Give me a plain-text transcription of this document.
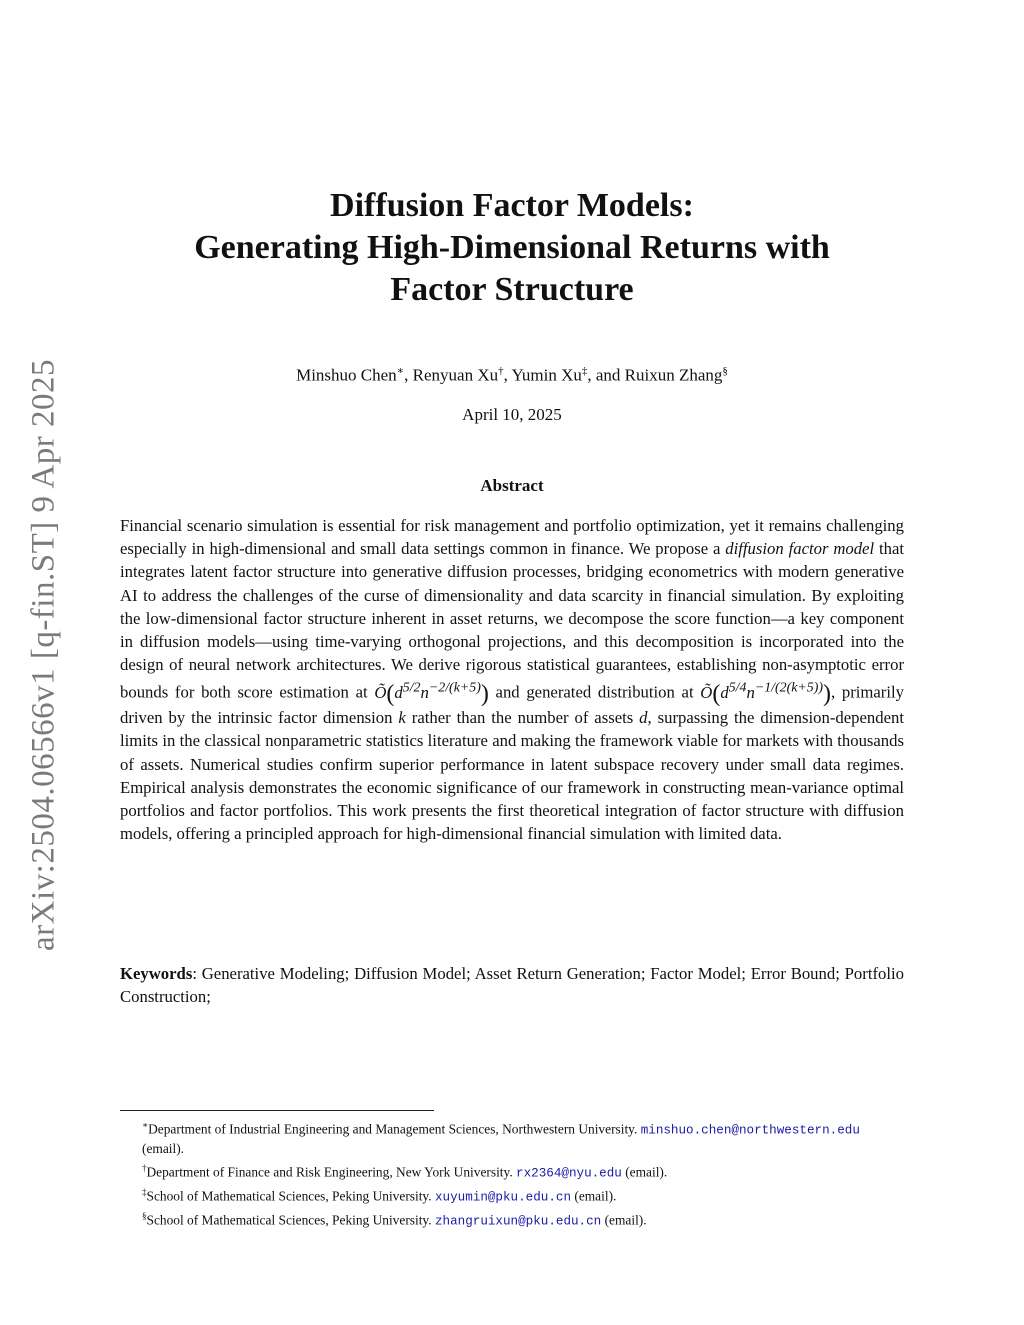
arXiv:2504.06566v1 [q-fin.ST] 9 Apr 2025
Diffusion Factor Models:
Generating High-Dimensional Returns with
Factor Structure
Minshuo Chen∗, Renyuan Xu†, Yumin Xu‡, and Ruixun Zhang§
April 10, 2025
Abstract

Financial scenario simulation is essential for risk management and portfolio optimization, yet it remains challenging especially in high-dimensional and small data settings common in finance. We propose a diffusion factor model that integrates latent factor structure into generative diffusion processes, bridging econometrics with modern generative AI to address the challenges of the curse of dimensionality and data scarcity in financial simulation. By exploiting the low-dimensional factor structure inherent in asset returns, we decompose the score function—a key component in diffusion models—using time-varying orthogonal projections, and this decomposition is incorporated into the design of neural network architectures. We derive rigorous statistical guarantees, establishing non-asymptotic error bounds for both score estimation at $Õ(d^{5/2}n^{-2/(k+5)})$ and generated distribution at $Õ(d^{5/4}n^{-1/(2(k+5))})$, primarily driven by the intrinsic factor dimension k rather than the number of assets d, surpassing the dimension-dependent limits in the classical nonparametric statistics literature and making the framework viable for markets with thousands of assets. Numerical studies confirm superior performance in latent subspace recovery under small data regimes. Empirical analysis demonstrates the economic significance of our framework in constructing mean-variance optimal portfolios and factor portfolios. This work presents the first theoretical integration of factor structure with diffusion models, offering a principled approach for high-dimensional financial simulation with limited data.

Keywords: Generative Modeling; Diffusion Model; Asset Return Generation; Factor Model; Error Bound; Portfolio Construction;

∗Department of Industrial Engineering and Management Sciences, Northwestern University. minshuo.chen@northwestern.edu (email).

†Department of Finance and Risk Engineering, New York University. rx2364@nyu.edu (email).

‡School of Mathematical Sciences, Peking University. xuyumin@pku.edu.cn (email).

§School of Mathematical Sciences, Peking University. zhangruixun@pku.edu.cn (email).
